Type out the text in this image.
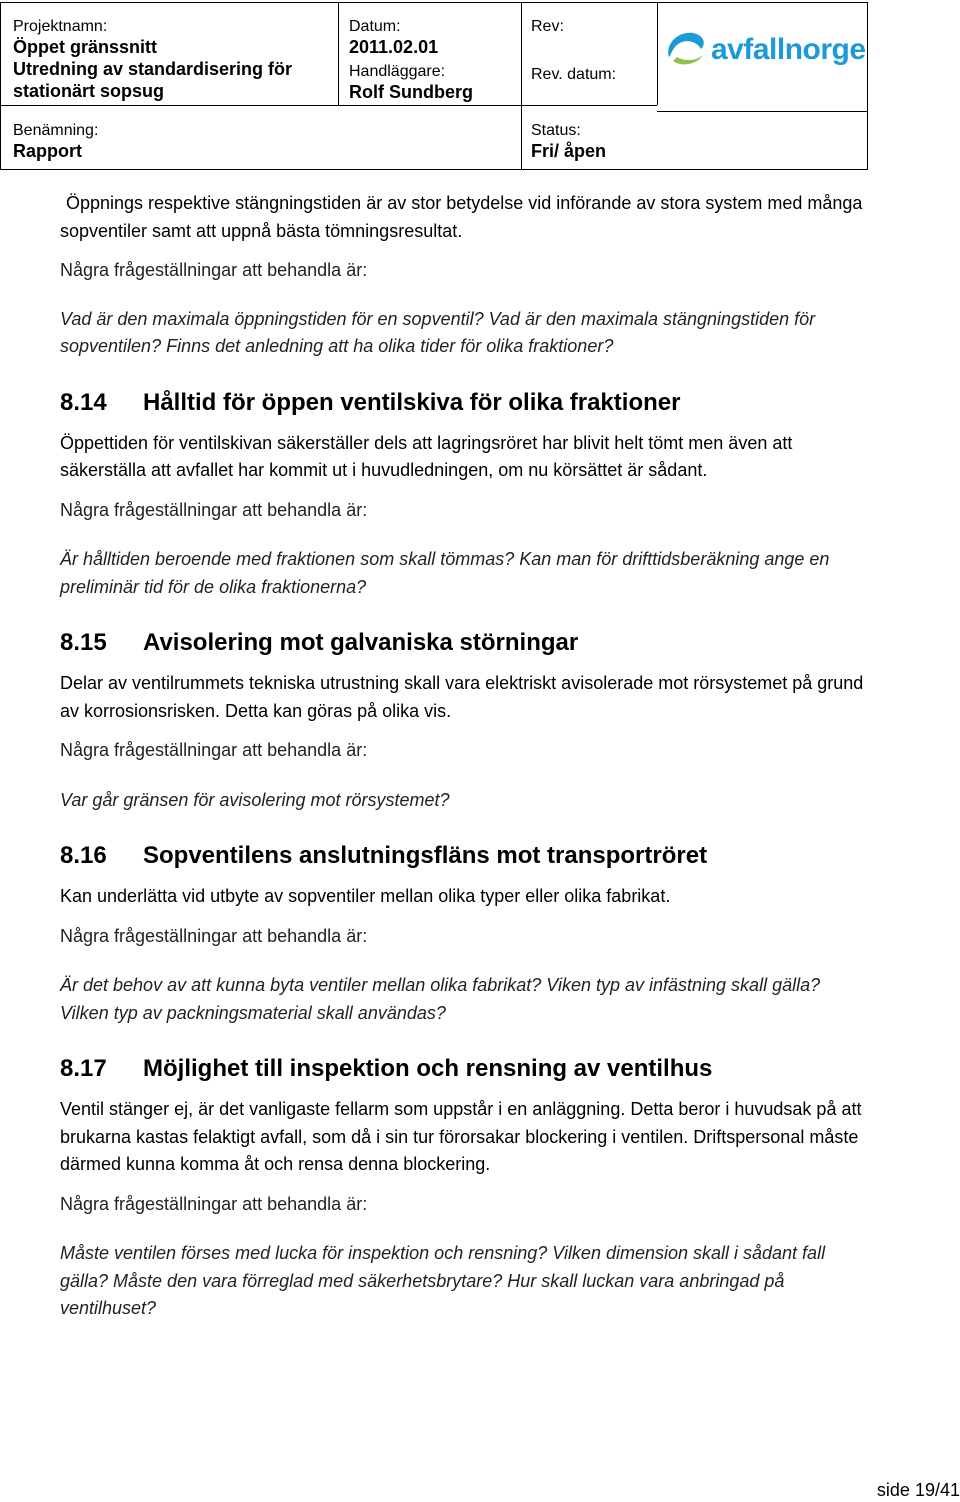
Projektnamn:
Öppet gränssnitt
Utredning av standardisering för
stationärt sopsug
Datum:
2011.02.01
Handläggare:
Rolf Sundberg
Rev:
Rev. datum:
Benämning:
Rapport
Status:
Fri/ åpen
avfallnorge

Öppnings respektive stängningstiden är av stor betydelse vid införande av stora system med många sopventiler samt att uppnå bästa tömningsresultat.

Några frågeställningar att behandla är:

Vad är den maximala öppningstiden för en sopventil? Vad är den maximala stängningstiden för sopventilen? Finns det anledning att ha olika tider för olika fraktioner?

8.14 Hålltid för öppen ventilskiva för olika fraktioner

Öppettiden för ventilskivan säkerställer dels att lagringsröret har blivit helt tömt men även att säkerställa att avfallet har kommit ut i huvudledningen, om nu körsättet är sådant.

Några frågeställningar att behandla är:

Är hålltiden beroende med fraktionen som skall tömmas? Kan man för drifttidsberäkning ange en preliminär tid för de olika fraktionerna?

8.15 Avisolering mot galvaniska störningar

Delar av ventilrummets tekniska utrustning skall vara elektriskt avisolerade mot rörsystemet på grund av korrosionsrisken. Detta kan göras på olika vis.

Några frågeställningar att behandla är:

Var går gränsen för avisolering mot rörsystemet?

8.16 Sopventilens anslutningsfläns mot transportröret

Kan underlätta vid utbyte av sopventiler mellan olika typer eller olika fabrikat.

Några frågeställningar att behandla är:

Är det behov av att kunna byta ventiler mellan olika fabrikat? Viken typ av infästning skall gälla? Vilken typ av packningsmaterial skall användas?

8.17 Möjlighet till inspektion och rensning av ventilhus

Ventil stänger ej, är det vanligaste fellarm som uppstår i en anläggning. Detta beror i huvudsak på att brukarna kastas felaktigt avfall, som då i sin tur förorsakar blockering i ventilen. Driftspersonal måste därmed kunna komma åt och rensa denna blockering.

Några frågeställningar att behandla är:

Måste ventilen förses med lucka för inspektion och rensning? Vilken dimension skall i sådant fall gälla? Måste den vara förreglad med säkerhetsbrytare? Hur skall luckan vara anbringad på ventilhuset?

side 19/41
